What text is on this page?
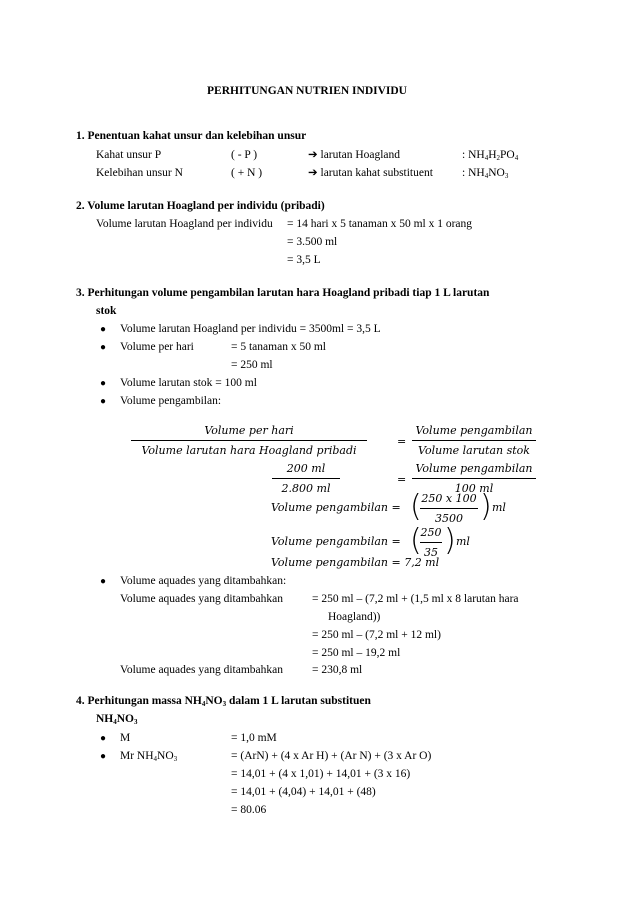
PERHITUNGAN NUTRIEN INDIVIDU
1. Penentuan kahat unsur dan kelebihan unsur
Kahat unsur P	( - P )	➔ larutan Hoagland	: $NH_4H_2PO_4$
Kelebihan unsur N	( + N )	➔ larutan kahat substituent	: $NH_4NO_3$
2. Volume larutan Hoagland per individu (pribadi)
Volume larutan Hoagland per individu = 14 hari x 5 tanaman x 50 ml x 1 orang
= 3.500 ml
= 3,5 L
3. Perhitungan volume pengambilan larutan hara Hoagland pribadi tiap 1 L larutan
stok
● Volume larutan Hoagland per individu = 3500ml = 3,5 L
● Volume per hari	= 5 tanaman x 50 ml
= 250 ml
● Volume larutan stok = 100 ml
● Volume pengambilan:
Volume per hari
Volume larutan hara Hoagland pribadi
=
Volume pengambilan
Volume larutan stok
200 ml
2.800 ml
=
Volume pengambilan
100 ml
Volume pengambilan = ( 250 x 100
3500 ) ml
Volume pengambilan = (
250
35 ) ml
Volume pengambilan = 7,2 ml
● Volume aquades yang ditambahkan:
Volume aquades yang ditambahkan	= 250 ml – (7,2 ml + (1,5 ml x 8 larutan hara
Hoagland))
= 250 ml – (7,2 ml + 12 ml)
= 250 ml – 19,2 ml
Volume aquades yang ditambahkan	= 230,8 ml
4. Perhitungan massa $NH_4NO_3$ dalam 1 L larutan substituen
$NH_4NO_3$
● M	= 1,0 mM
● Mr $NH_4NO_3$	= (ArN) + (4 x Ar H) + (Ar N) + (3 x Ar O)
= 14,01 + (4 x 1,01) + 14,01 + (3 x 16)
= 14,01 + (4,04) + 14,01 + (48)
= 80.06
